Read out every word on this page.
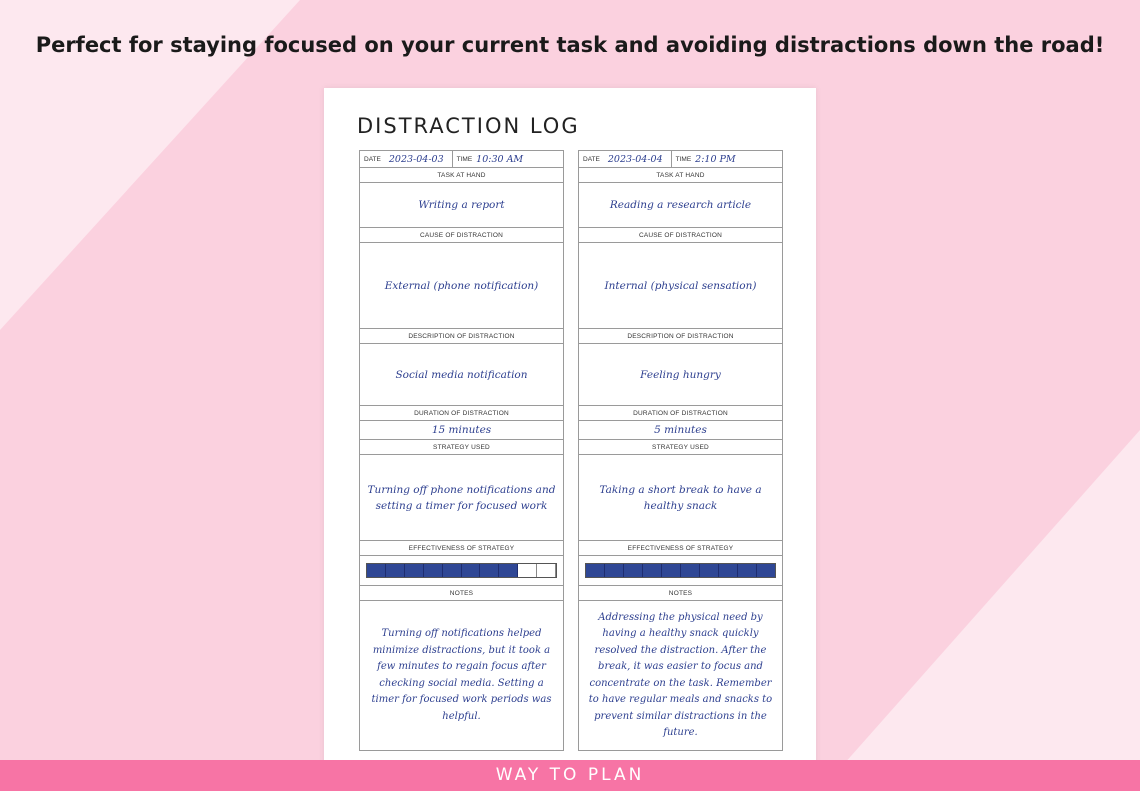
Perfect for staying focused on your current task and avoiding distractions down the road!
DISTRACTION LOG
DATE 2023-04-03 TIME 10:30 AM
TASK AT HAND
Writing a report
CAUSE OF DISTRACTION
External (phone notification)
DESCRIPTION OF DISTRACTION
Social media notification
DURATION OF DISTRACTION
15 minutes
STRATEGY USED
Turning off phone notifications and setting a timer for focused work
EFFECTIVENESS OF STRATEGY
NOTES
Turning off notifications helped minimize distractions, but it took a few minutes to regain focus after checking social media. Setting a timer for focused work periods was helpful.
DATE 2023-04-04 TIME 2:10 PM
TASK AT HAND
Reading a research article
CAUSE OF DISTRACTION
Internal (physical sensation)
DESCRIPTION OF DISTRACTION
Feeling hungry
DURATION OF DISTRACTION
5 minutes
STRATEGY USED
Taking a short break to have a healthy snack
EFFECTIVENESS OF STRATEGY
NOTES
Addressing the physical need by having a healthy snack quickly resolved the distraction. After the break, it was easier to focus and concentrate on the task. Remember to have regular meals and snacks to prevent similar distractions in the future.
WAY TO PLAN
